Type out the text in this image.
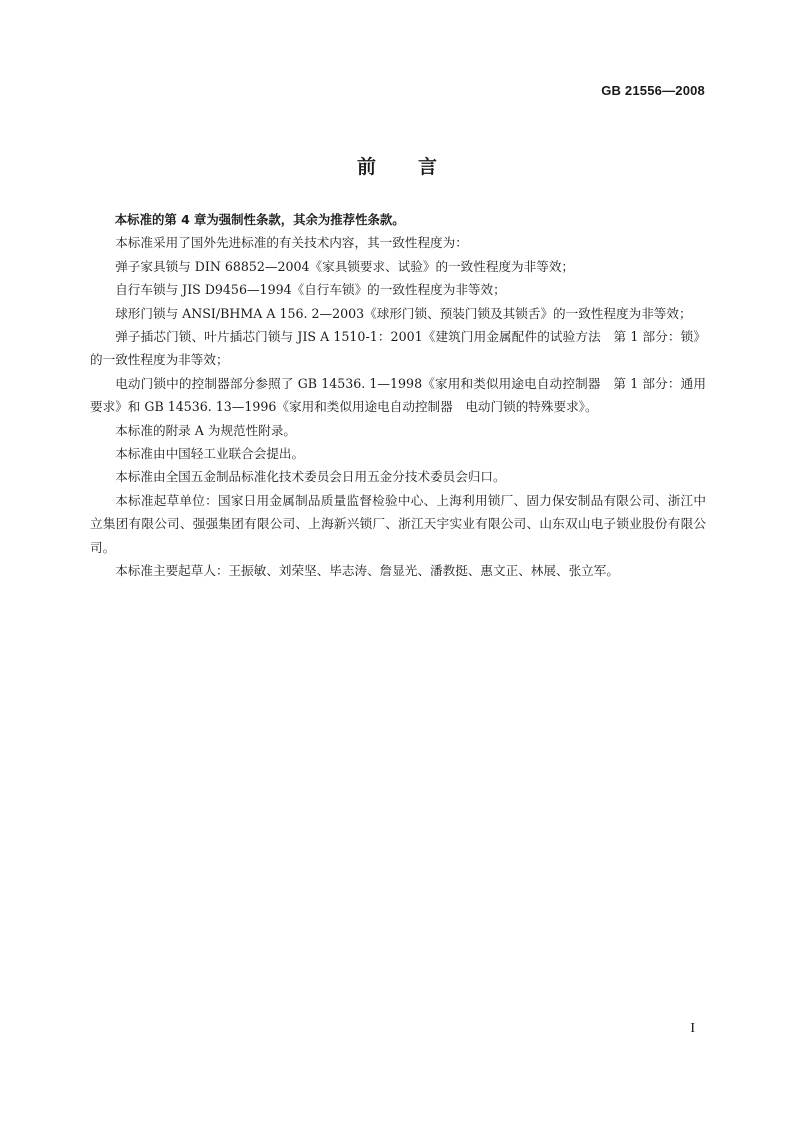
GB 21556—2008
前言

本标准的第 4 章为强制性条款，其余为推荐性条款。

本标准采用了国外先进标准的有关技术内容，其一致性程度为：

弹子家具锁与 DIN 68852—2004《家具锁要求、试验》的一致性程度为非等效；

自行车锁与 JIS D9456—1994《自行车锁》的一致性程度为非等效；

球形门锁与 ANSI/BHMA A 156. 2—2003《球形门锁、预装门锁及其锁舌》的一致性程度为非等效；

弹子插芯门锁、叶片插芯门锁与 JIS A 1510-1：2001《建筑门用金属配件的试验方法　第 1 部分：锁》的一致性程度为非等效；

电动门锁中的控制器部分参照了 GB 14536. 1—1998《家用和类似用途电自动控制器　第 1 部分：通用要求》和 GB 14536. 13—1996《家用和类似用途电自动控制器　电动门锁的特殊要求》。

本标准的附录 A 为规范性附录。

本标准由中国轻工业联合会提出。

本标准由全国五金制品标准化技术委员会日用五金分技术委员会归口。

本标准起草单位：国家日用金属制品质量监督检验中心、上海利用锁厂、固力保安制品有限公司、浙江中立集团有限公司、强强集团有限公司、上海新兴锁厂、浙江天宇实业有限公司、山东双山电子锁业股份有限公司。

本标准主要起草人：王振敏、刘荣坚、毕志涛、詹显光、潘教挺、惠文正、林展、张立军。

I
